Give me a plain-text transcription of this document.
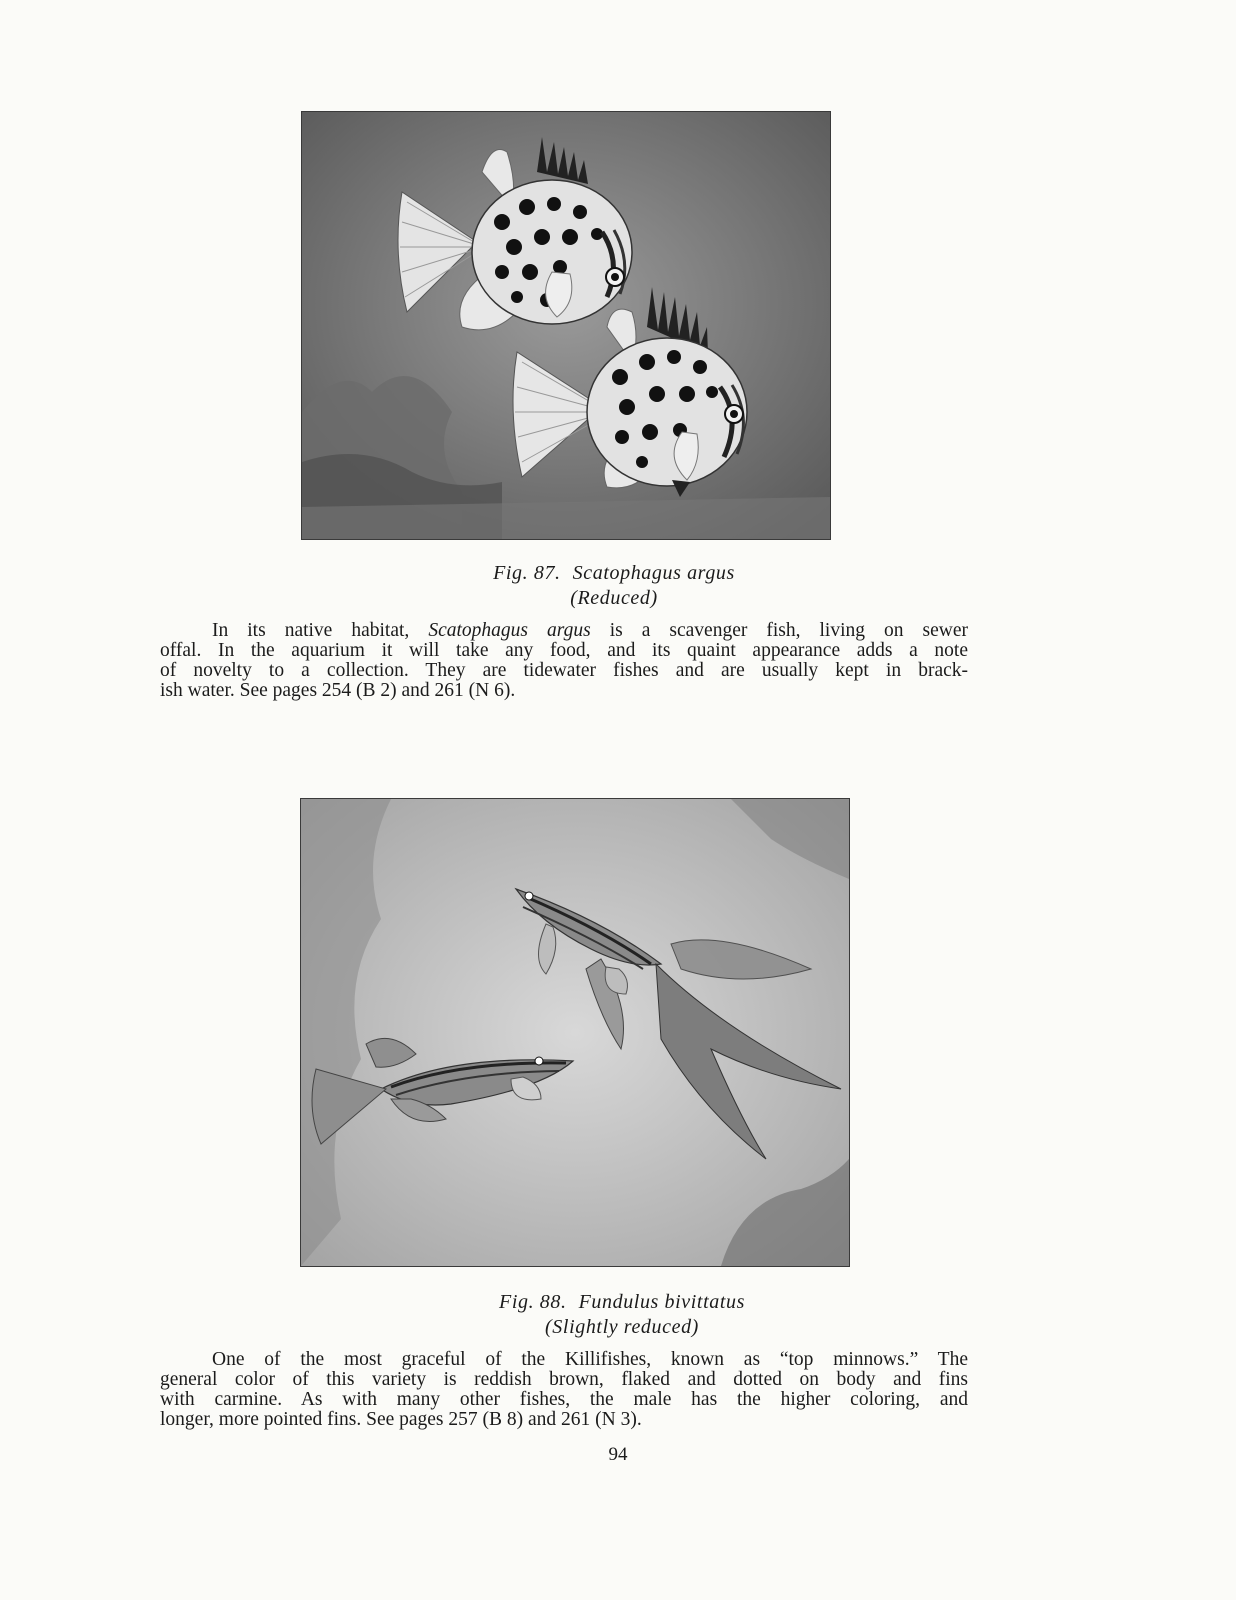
Fig. 87. Scatophagus argus
(Reduced)
In its native habitat, Scatophagus argus is a scavenger fish, living on sewer
offal. In the aquarium it will take any food, and its quaint appearance adds a note
of novelty to a collection. They are tidewater fishes and are usually kept in brack-
ish water. See pages 254 (B 2) and 261 (N 6).
Fig. 88. Fundulus bivittatus
(Slightly reduced)
One of the most graceful of the Killifishes, known as “top minnows.” The
general color of this variety is reddish brown, flaked and dotted on body and fins
with carmine. As with many other fishes, the male has the higher coloring, and
longer, more pointed fins. See pages 257 (B 8) and 261 (N 3).
94
